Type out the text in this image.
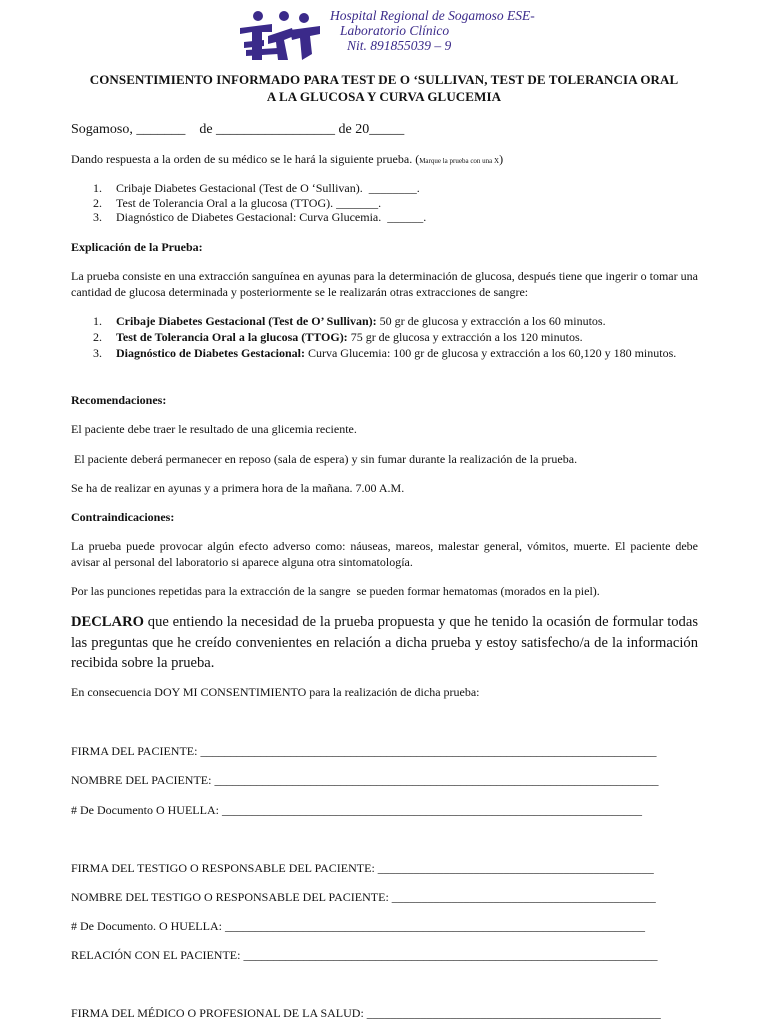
Hospital Regional de Sogamoso ESE-
Laboratorio Clínico
Nit. 891855039 – 9
CONSENTIMIENTO INFORMADO PARA TEST DE O ‘SULLIVAN, TEST DE TOLERANCIA ORAL
A LA GLUCOSA Y CURVA GLUCEMIA
Sogamoso, _______    de _________________ de 20_____
Dando respuesta a la orden de su médico se le hará la siguiente prueba. (Marque la prueba con una X)
1.	Cribaje Diabetes Gestacional (Test de O ‘Sullivan).  ________.
2.	Test de Tolerancia Oral a la glucosa (TTOG). _______.
3.	Diagnóstico de Diabetes Gestacional: Curva Glucemia.  ______.
Explicación de la Prueba:
La prueba consiste en una extracción sanguínea en ayunas para la determinación de glucosa, después tiene que ingerir o tomar una cantidad de glucosa determinada y posteriormente se le realizarán otras extracciones de sangre:
1.	Cribaje Diabetes Gestacional (Test de O’ Sullivan): 50 gr de glucosa y extracción a los 60 minutos.
2.	Test de Tolerancia Oral a la glucosa (TTOG): 75 gr de glucosa y extracción a los 120 minutos.
3.	Diagnóstico de Diabetes Gestacional: Curva Glucemia: 100 gr de glucosa y extracción a los 60,120 y 180 minutos.
Recomendaciones:
El paciente debe traer le resultado de una glicemia reciente.
El paciente deberá permanecer en reposo (sala de espera) y sin fumar durante la realización de la prueba.
Se ha de realizar en ayunas y a primera hora de la mañana. 7.00 A.M.
Contraindicaciones:
La prueba puede provocar algún efecto adverso como: náuseas, mareos, malestar general, vómitos, muerte. El paciente debe avisar al personal del laboratorio si aparece alguna otra sintomatología.
Por las punciones repetidas para la extracción de la sangre  se pueden formar hematomas (morados en la piel).
DECLARO que entiendo la necesidad de la prueba propuesta y que he tenido la ocasión de formular todas las preguntas que he creído convenientes en relación a dicha prueba y estoy satisfecho/a de la información recibida sobre la prueba.
En consecuencia DOY MI CONSENTIMIENTO para la realización de dicha prueba:
FIRMA DEL PACIENTE: ____________________________________________________________________________
NOMBRE DEL PACIENTE: __________________________________________________________________________
# De Documento O HUELLA: ______________________________________________________________________
FIRMA DEL TESTIGO O RESPONSABLE DEL PACIENTE: ______________________________________________
NOMBRE DEL TESTIGO O RESPONSABLE DEL PACIENTE: ____________________________________________
# De Documento. O HUELLA: ______________________________________________________________________
RELACIÓN CON EL PACIENTE: _____________________________________________________________________
FIRMA DEL MÉDICO O PROFESIONAL DE LA SALUD: _________________________________________________
